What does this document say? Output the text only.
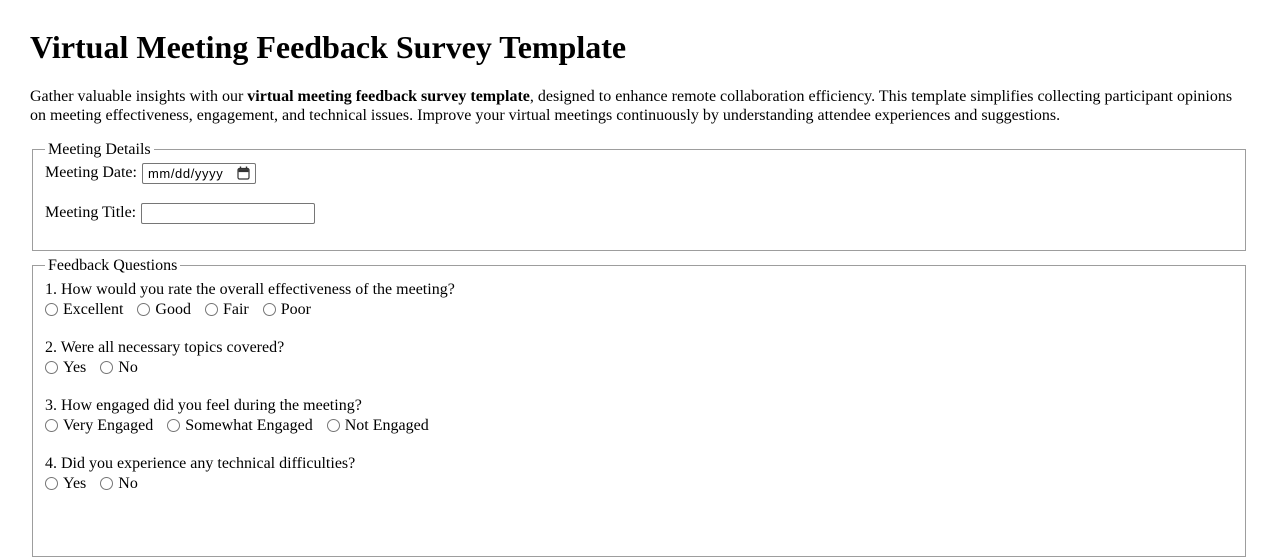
Virtual Meeting Feedback Survey Template

Gather valuable insights with our virtual meeting feedback survey template, designed to enhance remote collaboration efficiency. This template simplifies collecting participant opinions on meeting effectiveness, engagement, and technical issues. Improve your virtual meetings continuously by understanding attendee experiences and suggestions.

Meeting Details
Meeting Date: mm/dd/yyyy
Meeting Title:
Feedback Questions
1. How would you rate the overall effectiveness of the meeting?
Excellent Good Fair Poor
2. Were all necessary topics covered?
Yes No
3. How engaged did you feel during the meeting?
Very Engaged Somewhat Engaged Not Engaged
4. Did you experience any technical difficulties?
Yes No
